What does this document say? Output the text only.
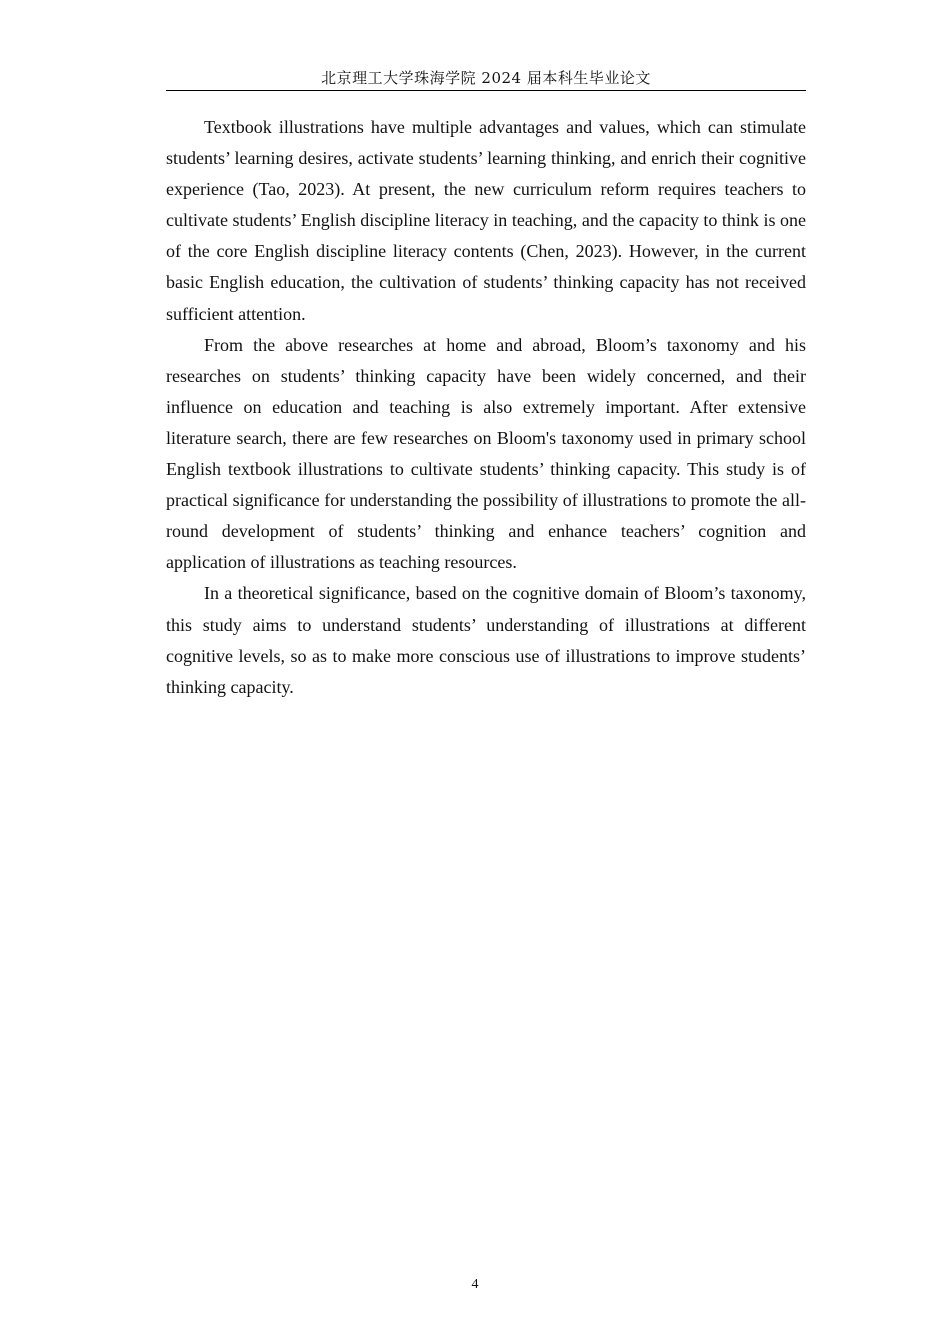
北京理工大学珠海学院 2024 届本科生毕业论文

Textbook illustrations have multiple advantages and values, which can stimulate students’ learning desires, activate students’ learning thinking, and enrich their cognitive experience (Tao, 2023). At present, the new curriculum reform requires teachers to cultivate students’ English discipline literacy in teaching, and the capacity to think is one of the core English discipline literacy contents (Chen, 2023). However, in the current basic English education, the cultivation of students’ thinking capacity has not received sufficient attention.

From the above researches at home and abroad, Bloom’s taxonomy and his researches on students’ thinking capacity have been widely concerned, and their influence on education and teaching is also extremely important. After extensive literature search, there are few researches on Bloom's taxonomy used in primary school English textbook illustrations to cultivate students’ thinking capacity. This study is of practical significance for understanding the possibility of illustrations to promote the all-round development of students’ thinking and enhance teachers’ cognition and application of illustrations as teaching resources.

In a theoretical significance, based on the cognitive domain of Bloom’s taxonomy, this study aims to understand students’ understanding of illustrations at different cognitive levels, so as to make more conscious use of illustrations to improve students’ thinking capacity.

4
